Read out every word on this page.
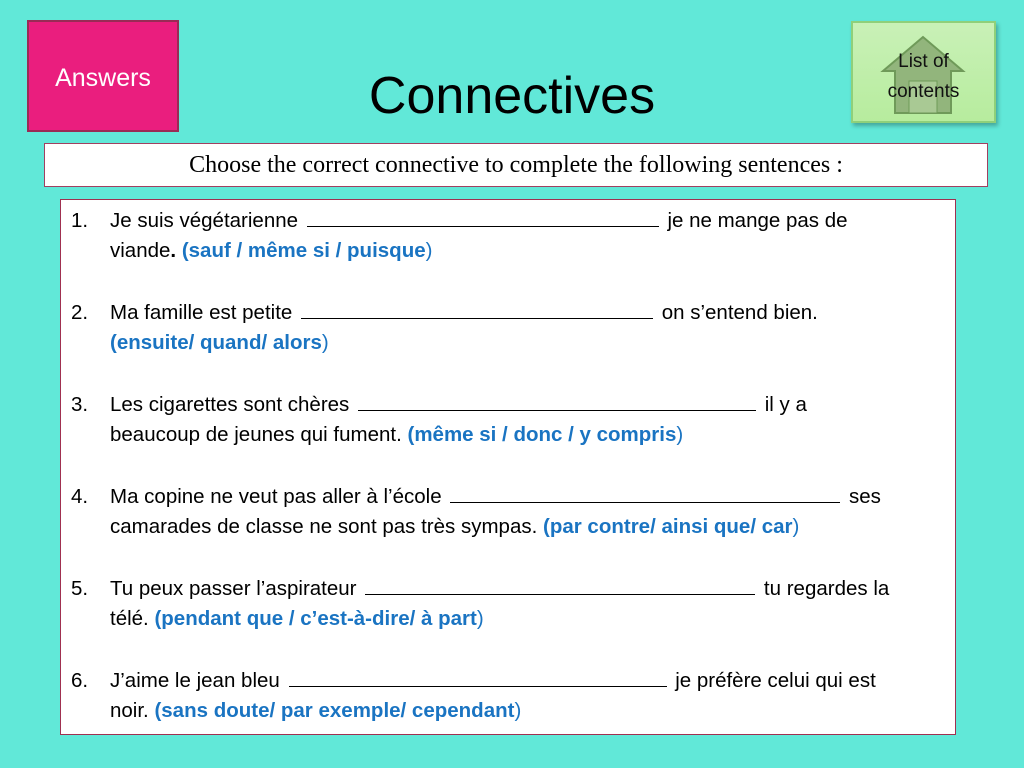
Answers	Connectives
List of
contents
Choose the correct connective to complete the following sentences :
1. Je suis végétarienne	je ne mange pas de
viande. (sauf / même si / puisque)
2. Ma famille est petite	on s’entend bien.
(ensuite/ quand/ alors)
3. Les cigarettes sont chères	il y a
beaucoup de jeunes qui fument. (même si / donc / y compris)
4. Ma copine ne veut pas aller à l’école	ses
camarades de classe ne sont pas très sympas. (par contre/ ainsi que/ car)
5. Tu peux passer l’aspirateur	tu regardes la
télé. (pendant que / c’est-à-dire/ à part)
6. J’aime le jean bleu	je préfère celui qui est
noir. (sans doute/ par exemple/ cependant)
